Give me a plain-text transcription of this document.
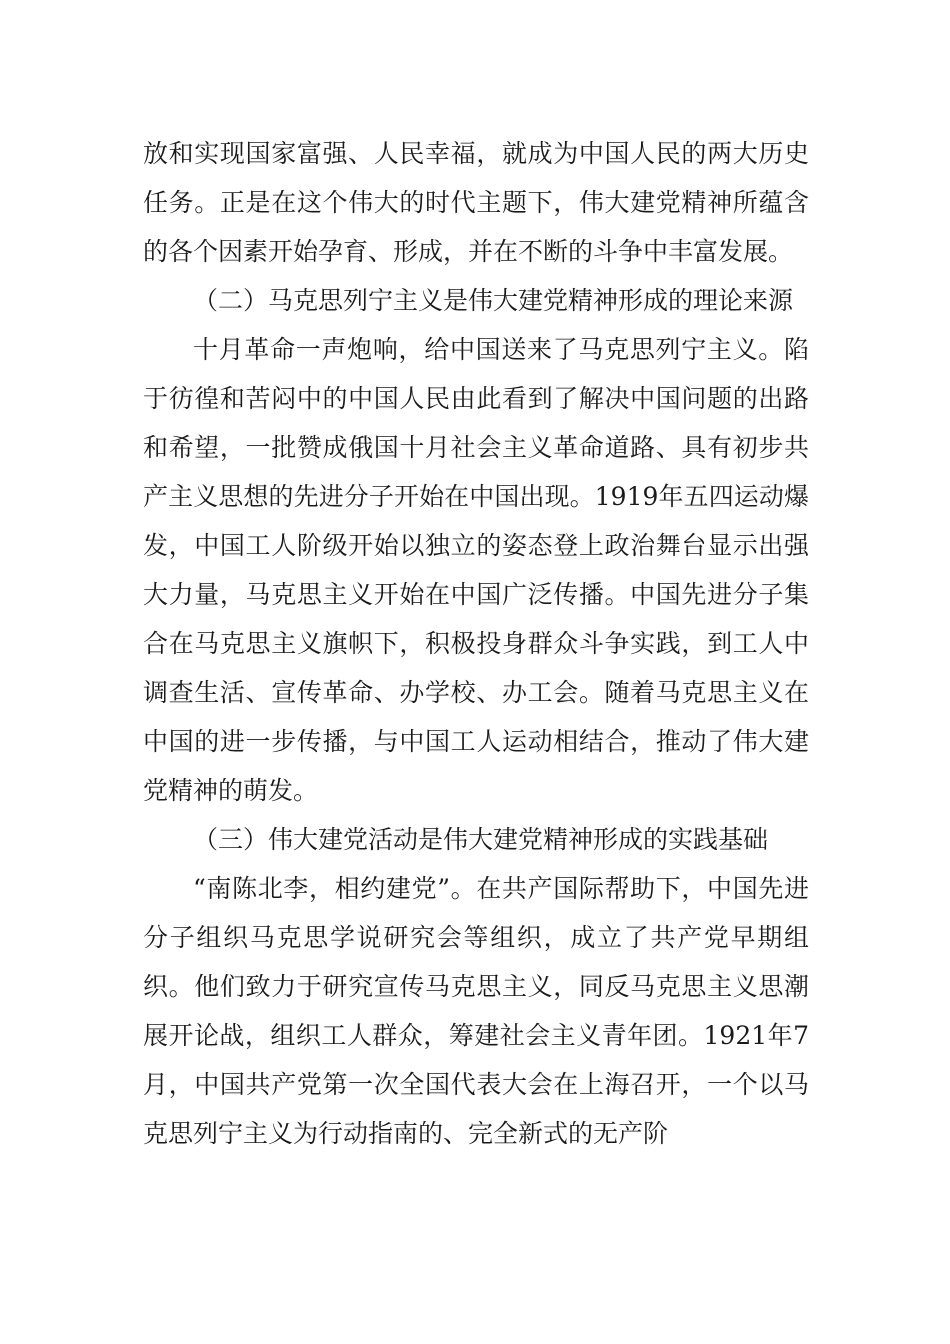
放和实现国家富强、人民幸福，就成为中国人民的两大历史任务。正是在这个伟大的时代主题下，伟大建党精神所蕴含的各个因素开始孕育、形成，并在不断的斗争中丰富发展。

（二）马克思列宁主义是伟大建党精神形成的理论来源

十月革命一声炮响，给中国送来了马克思列宁主义。陷于彷徨和苦闷中的中国人民由此看到了解决中国问题的出路和希望，一批赞成俄国十月社会主义革命道路、具有初步共产主义思想的先进分子开始在中国出现。1919年五四运动爆发，中国工人阶级开始以独立的姿态登上政治舞台显示出强大力量，马克思主义开始在中国广泛传播。中国先进分子集合在马克思主义旗帜下，积极投身群众斗争实践，到工人中调查生活、宣传革命、办学校、办工会。随着马克思主义在中国的进一步传播，与中国工人运动相结合，推动了伟大建党精神的萌发。

（三）伟大建党活动是伟大建党精神形成的实践基础

“南陈北李，相约建党”。在共产国际帮助下，中国先进分子组织马克思学说研究会等组织，成立了共产党早期组织。他们致力于研究宣传马克思主义，同反马克思主义思潮展开论战，组织工人群众，筹建社会主义青年团。1921年7月，中国共产党第一次全国代表大会在上海召开，一个以马克思列宁主义为行动指南的、完全新式的无产阶
